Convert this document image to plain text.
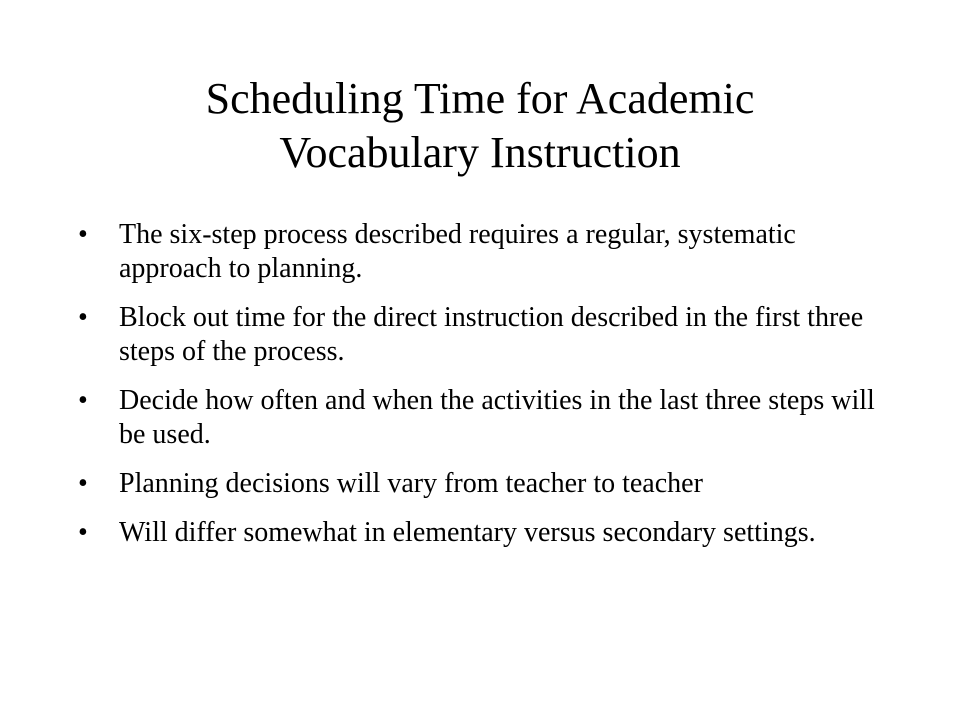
Scheduling Time for Academic
Vocabulary Instruction
•	The six-step process described requires a regular, systematic approach to planning.
•	Block out time for the direct instruction described in the first three steps of the process.
•	Decide how often and when the activities in the last three steps will be used.
•	Planning decisions will vary from teacher to teacher
•	Will differ somewhat in elementary versus secondary settings.
